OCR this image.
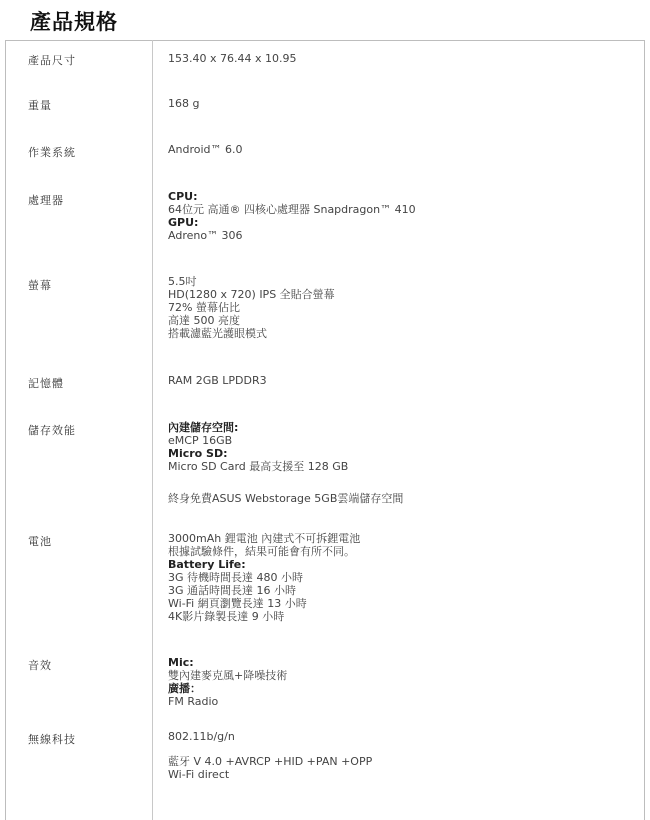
產品規格
產品尺寸	153.40 x 76.44 x 10.95
重量	168 g
作業系統	Android™ 6.0
處理器	CPU:
64位元 高通® 四核心處理器 Snapdragon™ 410
GPU:
Adreno™ 306
螢幕	5.5吋
HD(1280 x 720) IPS 全貼合螢幕
72% 螢幕佔比
高達 500 亮度
搭載濾藍光護眼模式
記憶體	RAM 2GB LPDDR3
儲存效能	內建儲存空間:
eMCP 16GB
Micro SD:
Micro SD Card 最高支援至 128 GB
終身免費ASUS Webstorage 5GB雲端儲存空間
電池	3000mAh 鋰電池 內建式不可拆鋰電池
根據試驗條件，結果可能會有所不同。
Battery Life:
3G 待機時間長達 480 小時
3G 通話時間長達 16 小時
Wi-Fi 網頁瀏覽長達 13 小時
4K影片錄製長達 9 小時
音效	Mic:
雙內建麥克風+降噪技術
廣播：
FM Radio
無線科技	802.11b/g/n
藍牙 V 4.0 +AVRCP +HID +PAN +OPP
Wi-Fi direct
